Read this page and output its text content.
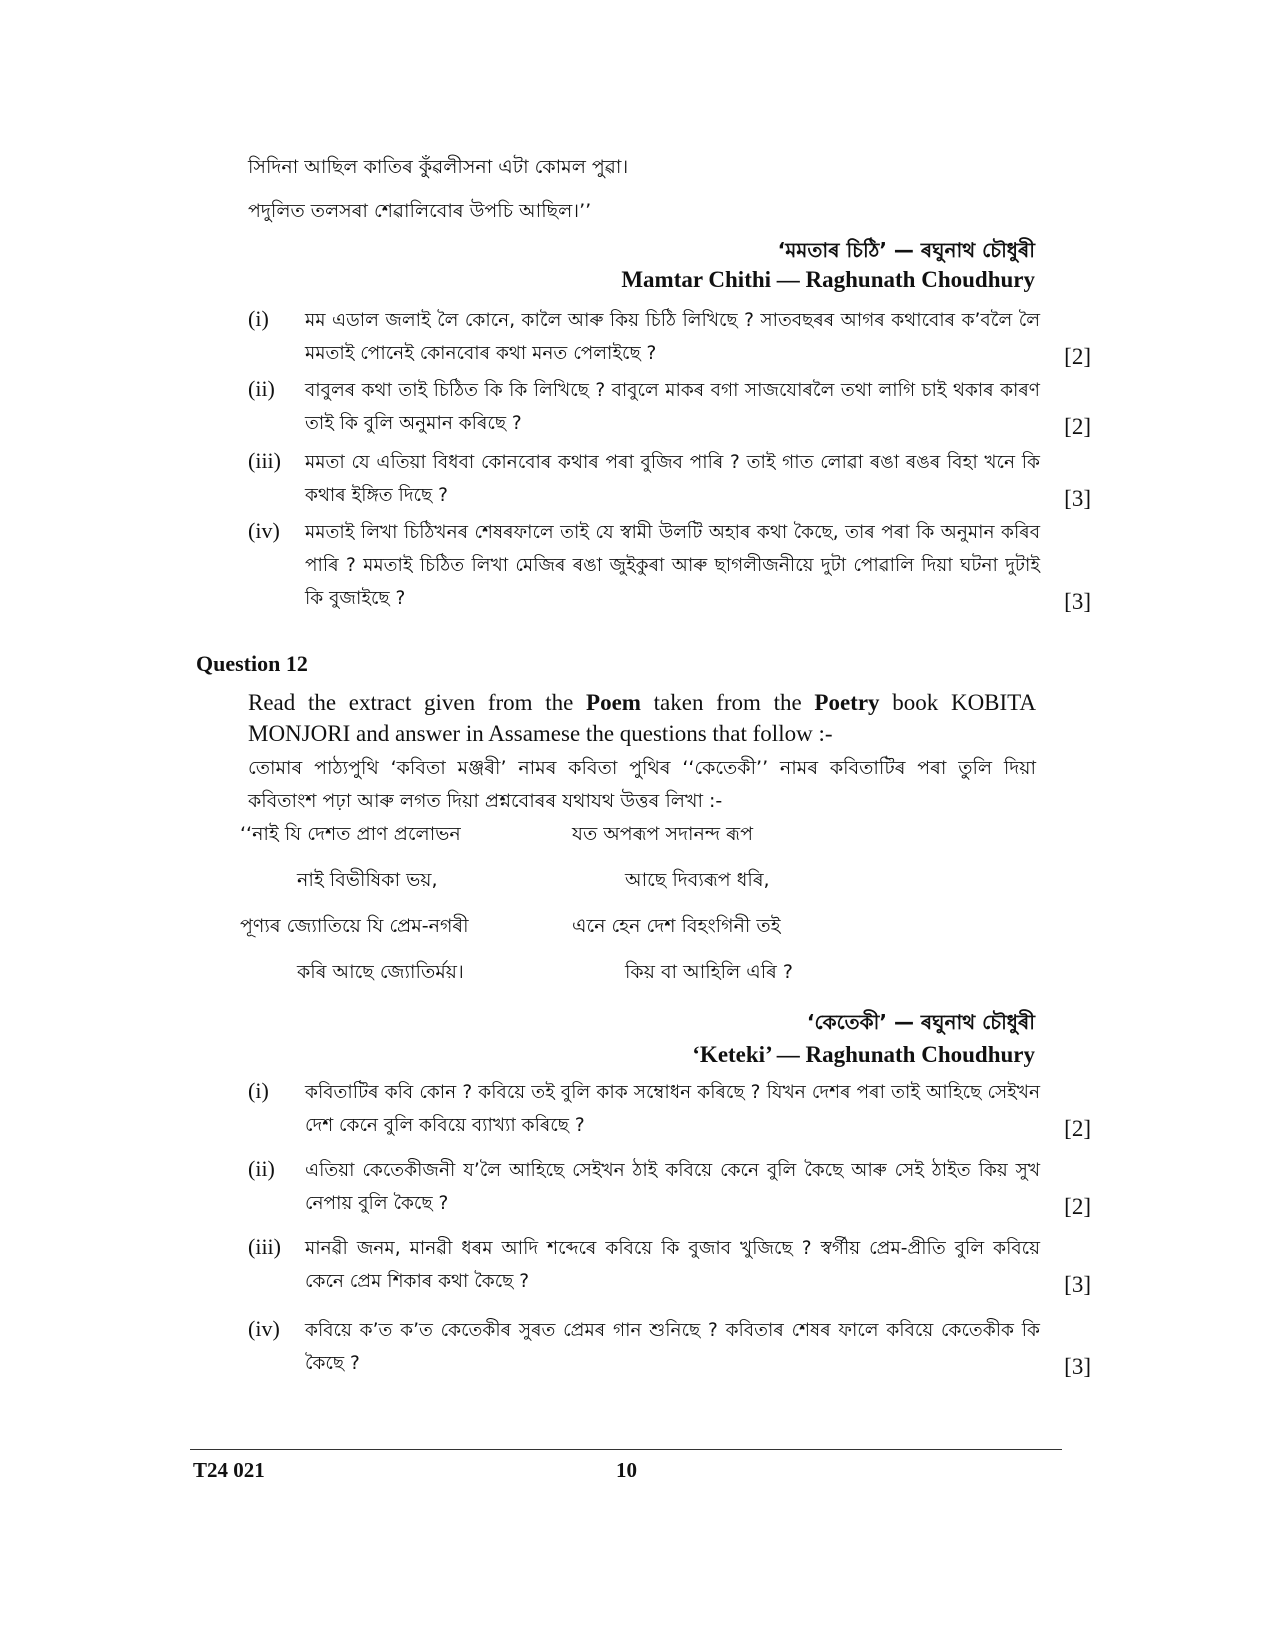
সিদিনা আছিল কাতিৰ কুঁৱলীসনা এটা কোমল পুৱা।
পদুলিত তলসৰা শেৱালিবোৰ উপচি আছিল।’’
‘মমতাৰ চিঠি’ — ৰঘুনাথ চৌধুৰী
Mamtar Chithi — Raghunath Choudhury
(i)	মম এডাল জলাই লৈ কোনে, কালৈ আৰু কিয় চিঠি লিখিছে ? সাতবছৰৰ আগৰ কথাবোৰ ক’বলৈ লৈ মমতাই পোনেই কোনবোৰ কথা মনত পেলাইছে ?	[2]
(ii)	বাবুলৰ কথা তাই চিঠিত কি কি লিখিছে ? বাবুলে মাকৰ বগা সাজযোৰলৈ তথা লাগি চাই থকাৰ কাৰণ তাই কি বুলি অনুমান কৰিছে ?	[2]
(iii)	মমতা যে এতিয়া বিধবা কোনবোৰ কথাৰ পৰা বুজিব পাৰি ? তাই গাত লোৱা ৰঙা ৰঙৰ বিহা খনে কি কথাৰ ইঙ্গিত দিছে ?	[3]
(iv)	মমতাই লিখা চিঠিখনৰ শেষৰফালে তাই যে স্বামী উলটি অহাৰ কথা কৈছে, তাৰ পৰা কি অনুমান কৰিব পাৰি ? মমতাই চিঠিত লিখা মেজিৰ ৰঙা জুইকুৰা আৰু ছাগলীজনীয়ে দুটা পোৱালি দিয়া ঘটনা দুটাই কি বুজাইছে ?	[3]
Question 12
Read the extract given from the Poem taken from the Poetry book KOBITA MONJORI and answer in Assamese the questions that follow :-
তোমাৰ পাঠ্যপুথি ‘কবিতা মঞ্জৰী’ নামৰ কবিতা পুথিৰ ‘‘কেতেকী’’ নামৰ কবিতাটিৰ পৰা তুলি দিয়া কবিতাংশ পঢ়া আৰু লগত দিয়া প্ৰশ্নবোৰৰ যথাযথ উত্তৰ লিখা :-
‘‘নাই যি দেশত প্ৰাণ প্ৰলোভন	যত অপৰূপ সদানন্দ ৰূপ
নাই বিভীষিকা ভয়,	আছে দিব্যৰূপ ধৰি,
পূণ্যৰ জ্যোতিয়ে যি প্ৰেম-নগৰী	এনে হেন দেশ বিহংগিনী তই
কৰি আছে জ্যোতিৰ্ময়।	কিয় বা আহিলি এৰি ?
‘কেতেকী’ — ৰঘুনাথ চৌধুৰী
‘Keteki’ — Raghunath Choudhury
(i)	কবিতাটিৰ কবি কোন ? কবিয়ে তই বুলি কাক সম্বোধন কৰিছে ? যিখন দেশৰ পৰা তাই আহিছে সেইখন দেশ কেনে বুলি কবিয়ে ব্যাখ্যা কৰিছে ?	[2]
(ii)	এতিয়া কেতেকীজনী য’লৈ আহিছে সেইখন ঠাই কবিয়ে কেনে বুলি কৈছে আৰু সেই ঠাইত কিয় সুখ নেপায় বুলি কৈছে ?	[2]
(iii)	মানৱী জনম, মানৱী ধৰম আদি শব্দেৰে কবিয়ে কি বুজাব খুজিছে ? স্বৰ্গীয় প্ৰেম-প্ৰীতি বুলি কবিয়ে কেনে প্ৰেম শিকাৰ কথা কৈছে ?	[3]
(iv)	কবিয়ে ক’ত ক’ত কেতেকীৰ সুৰত প্ৰেমৰ গান শুনিছে ? কবিতাৰ শেষৰ ফালে কবিয়ে কেতেকীক কি কৈছে ?	[3]
T24 021	10
